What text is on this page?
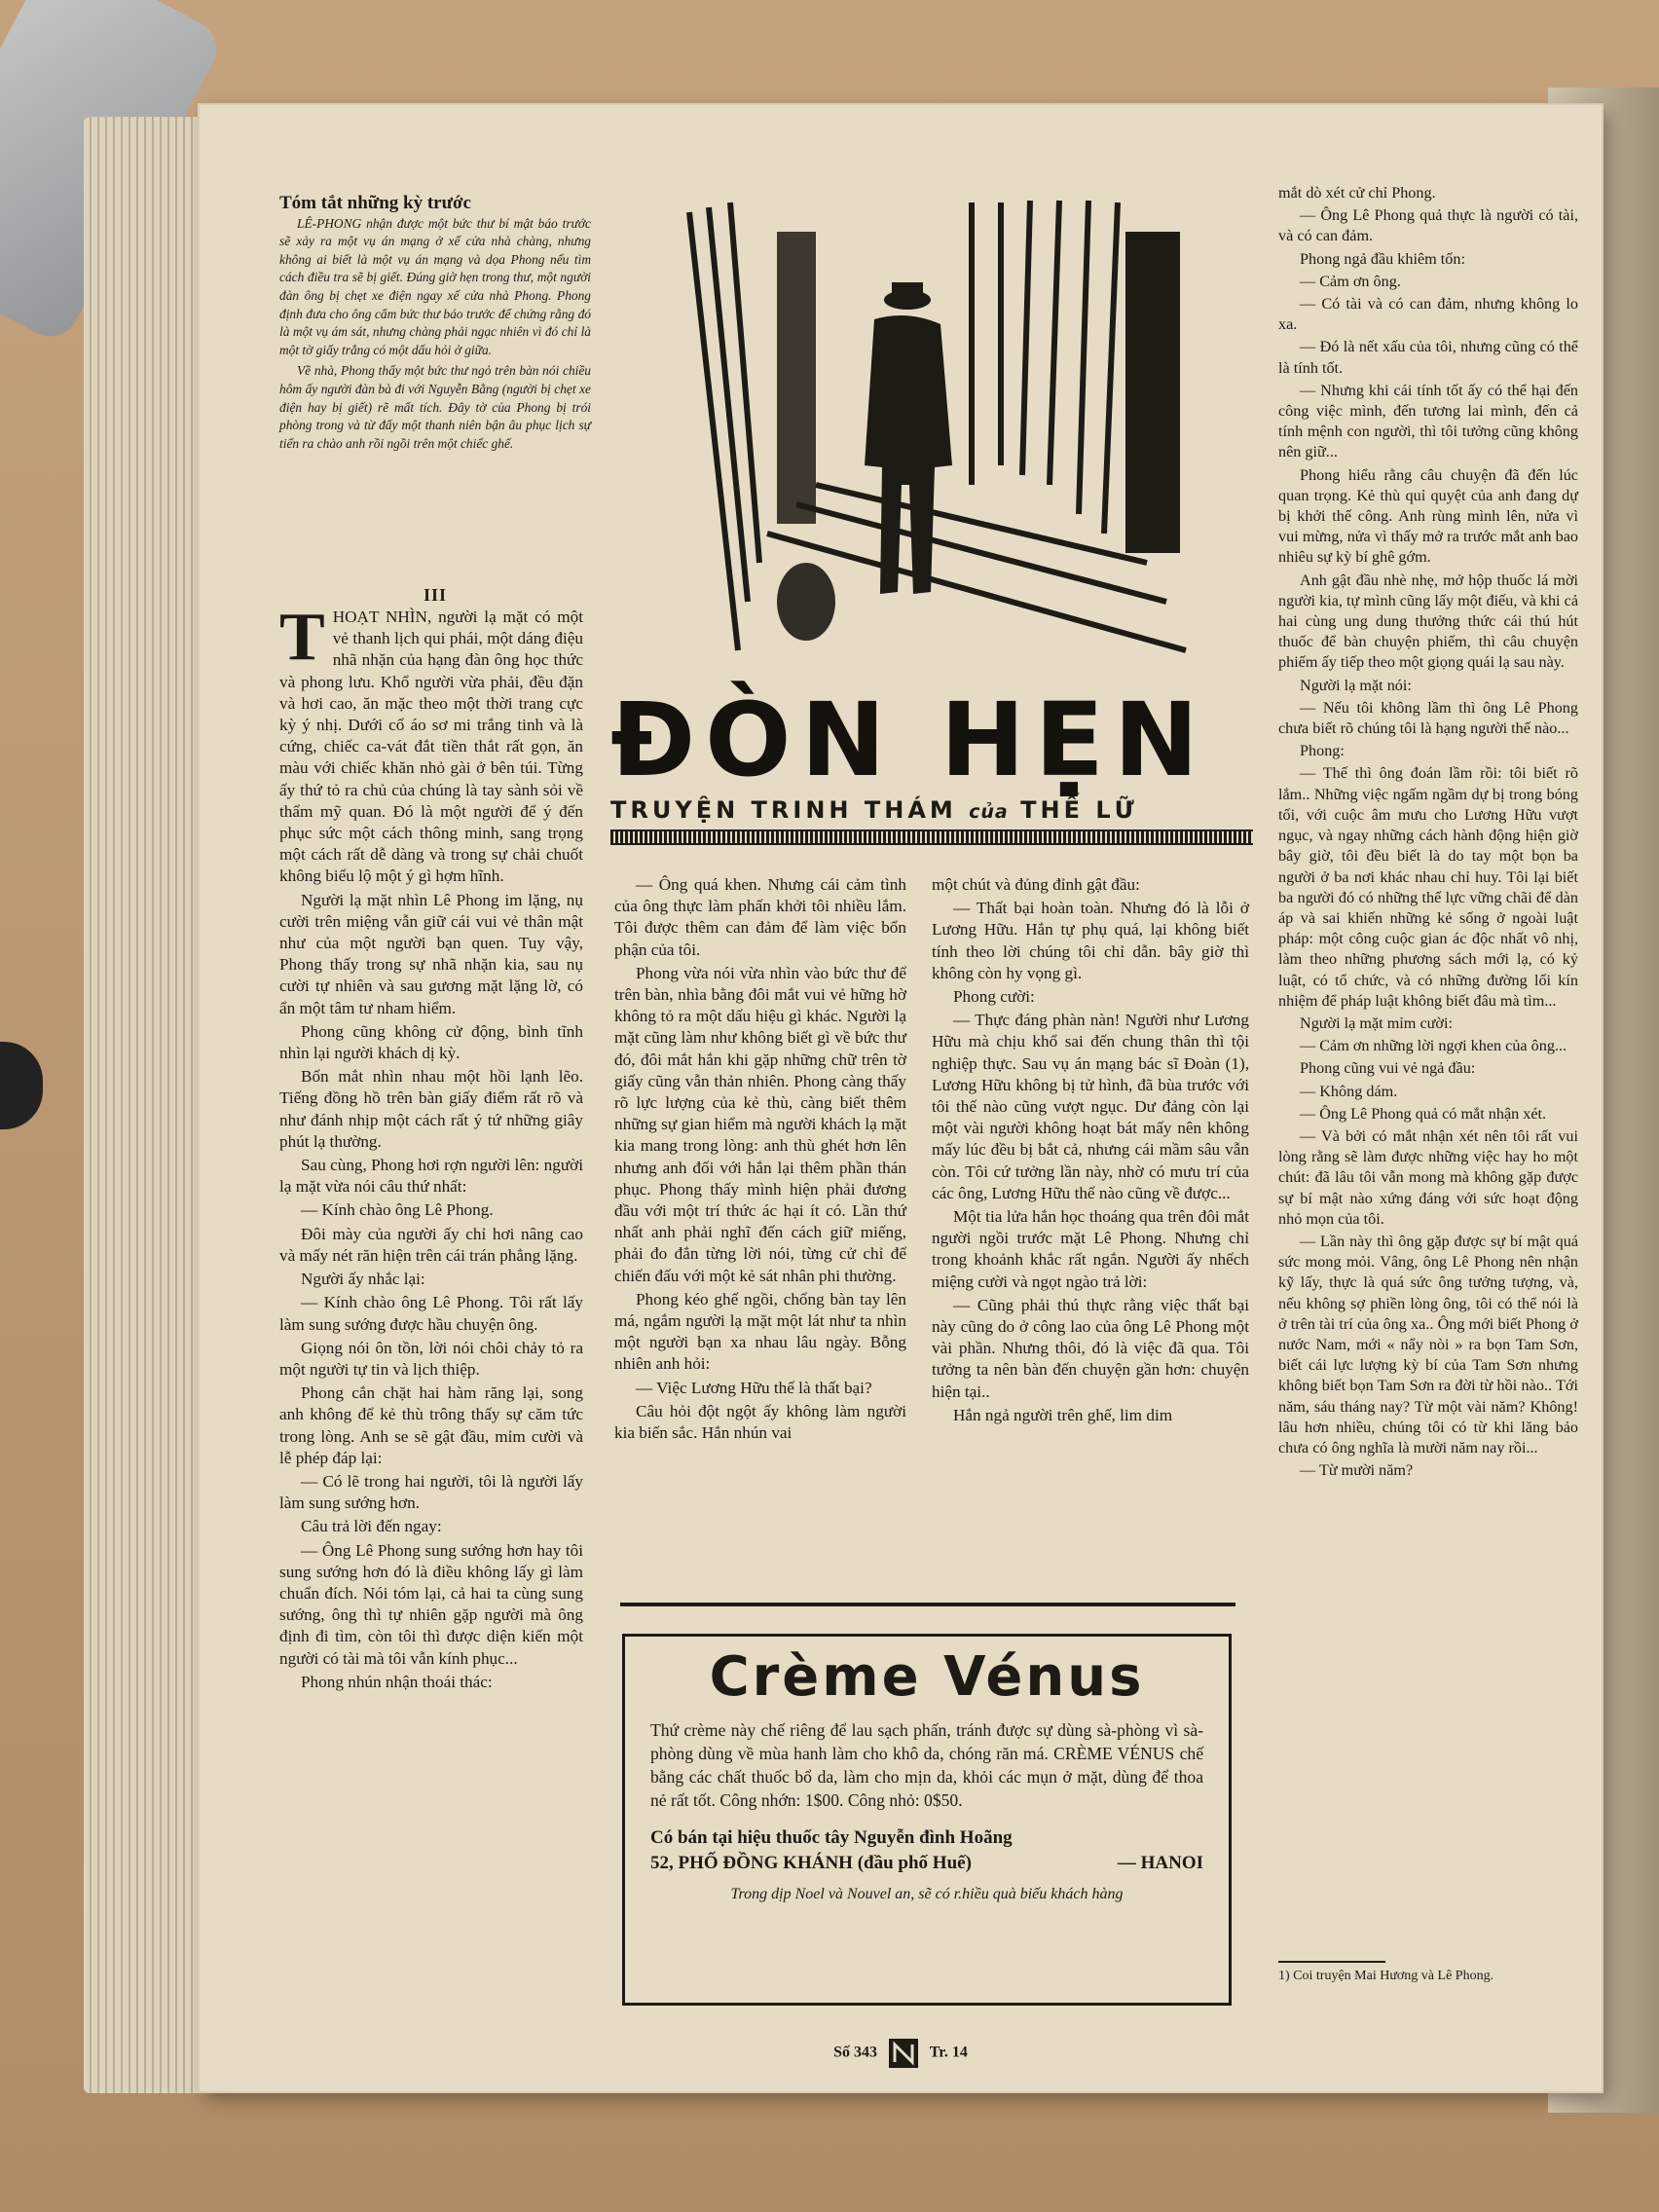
Tóm tắt những kỳ trước

LÊ-PHONG nhận được một bức thư bí mật báo trước sẽ xảy ra một vụ án mạng ở xế cửa nhà chàng, nhưng không ai biết là một vụ án mạng và dọa Phong nếu tìm cách điều tra sẽ bị giết. Đúng giờ hẹn trong thư, một người đàn ông bị chẹt xe điện ngay xế cửa nhà Phong. Phong định đưa cho ông cẩm bức thư báo trước để chứng rằng đó là một vụ ám sát, nhưng chàng phải ngạc nhiên vì đó chỉ là một tờ giấy trắng có một dấu hỏi ở giữa.

Về nhà, Phong thấy một bức thư ngỏ trên bàn nói chiều hôm ấy người đàn bà đi với Nguyễn Bằng (người bị chẹt xe điện hay bị giết) rẽ mất tích. Đây tờ của Phong bị trói phòng trong và từ đấy một thanh niên bận âu phục lịch sự tiến ra chào anh rồi ngồi trên một chiếc ghế.

III
T HOẠT NHÌN, người lạ mặt có một vẻ thanh lịch qui phái, một dáng điệu nhã nhặn của hạng đàn ông học thức và phong lưu. Khổ người vừa phải, đều đặn và hơi cao, ăn mặc theo một thời trang cực kỳ ý nhị. Dưới cổ áo sơ mi trắng tinh và là cứng, chiếc ca-vát đắt tiền thắt rất gọn, ăn màu với chiếc khăn nhỏ gài ở bên túi. Từng ấy thứ tỏ ra chủ của chúng là tay sành sỏi về thẩm mỹ quan. Đó là một người để ý đến phục sức một cách thông minh, sang trọng một cách rất dễ dàng và trong sự chải chuốt không biểu lộ một ý gì hợm hĩnh.

Người lạ mặt nhìn Lê Phong im lặng, nụ cười trên miệng vẫn giữ cái vui vẻ thân mật như của một người bạn quen. Tuy vậy, Phong thấy trong sự nhã nhặn kia, sau nụ cười tự nhiên và sau gương mặt lặng lờ, có ẩn một tâm tư nham hiểm.

Phong cũng không cử động, bình tĩnh nhìn lại người khách dị kỳ.

Bốn mắt nhìn nhau một hồi lạnh lẽo. Tiếng đồng hồ trên bàn giấy điểm rất rõ và như đánh nhịp một cách rất ý tứ những giây phút lạ thường.

Sau cùng, Phong hơi rợn người lên: người lạ mặt vừa nói câu thứ nhất:

— Kính chào ông Lê Phong.

Đôi mày của người ấy chỉ hơi nâng cao và mấy nét răn hiện trên cái trán phẳng lặng.

Người ấy nhắc lại:

— Kính chào ông Lê Phong. Tôi rất lấy làm sung sướng được hầu chuyện ông.

Giọng nói ôn tồn, lời nói chôi chảy tỏ ra một người tự tin và lịch thiệp.

Phong cắn chặt hai hàm răng lại, song anh không để kẻ thù trông thấy sự căm tức trong lòng. Anh se sẽ gật đầu, mỉm cười và lễ phép đáp lại:

— Có lẽ trong hai người, tôi là người lấy làm sung sướng hơn.

Câu trả lời đến ngay:

— Ông Lê Phong sung sướng hơn hay tôi sung sướng hơn đó là điều không lấy gì làm chuẩn đích. Nói tóm lại, cả hai ta cùng sung sướng, ông thì tự nhiên gặp người mà ông định đi tìm, còn tôi thì được diện kiến một người có tài mà tôi vẫn kính phục...

Phong nhún nhận thoái thác:

ĐÒN HẸN
TRUYỆN TRINH THÁM của THẾ LỮ

— Ông quá khen. Nhưng cái cảm tình của ông thực làm phấn khởi tôi nhiều lắm. Tôi được thêm can đảm để làm việc bổn phận của tôi.

Phong vừa nói vừa nhìn vào bức thư để trên bàn, nhìa bằng đôi mắt vui vẻ hững hờ không tỏ ra một dấu hiệu gì khác. Người lạ mặt cũng làm như không biết gì về bức thư đó, đôi mắt hắn khi gặp những chữ trên tờ giấy cũng vẫn thản nhiên. Phong càng thấy rõ lực lượng của kẻ thù, càng biết thêm những sự gian hiểm mà người khách lạ mặt kia mang trong lòng: anh thù ghét hơn lên nhưng anh đối với hắn lại thêm phần thán phục. Phong thấy mình hiện phải đương đầu với một trí thức ác hại ít có. Lần thứ nhất anh phải nghĩ đến cách giữ miếng, phải đo đắn từng lời nói, từng cử chỉ để chiến đấu với một kẻ sát nhân phi thường.

Phong kéo ghế ngồi, chống bàn tay lên má, ngắm người lạ mặt một lát như ta nhìn một người bạn xa nhau lâu ngày. Bỗng nhiên anh hỏi:

— Việc Lương Hữu thế là thất bại?

Câu hỏi đột ngột ấy không làm người kia biến sắc. Hắn nhún vai

một chút và đủng đỉnh gật đầu:

— Thất bại hoàn toàn. Nhưng đó là lỗi ở Lương Hữu. Hắn tự phụ quá, lại không biết tính theo lời chúng tôi chỉ dẫn. bây giờ thì không còn hy vọng gì.

Phong cười:

— Thực đáng phàn nàn! Người như Lương Hữu mà chịu khổ sai đến chung thân thì tội nghiệp thực. Sau vụ án mạng bác sĩ Đoàn (1), Lương Hữu không bị tử hình, đã bùa trước với tôi thế nào cũng vượt ngục. Dư đảng còn lại một vài người không hoạt bát mấy nên không mấy lúc đều bị bắt cả, nhưng cái mầm sâu vẫn còn. Tôi cứ tưởng lần này, nhờ có mưu trí của các ông, Lương Hữu thế nào cũng về được...

Một tia lửa hắn học thoáng qua trên đôi mắt người ngồi trước mặt Lê Phong. Nhưng chỉ trong khoảnh khắc rất ngắn. Người ấy nhếch miệng cười và ngọt ngào trả lời:

— Cũng phải thú thực rằng việc thất bại này cũng do ở công lao của ông Lê Phong một vài phần. Nhưng thôi, đó là việc đã qua. Tôi tưởng ta nên bàn đến chuyện gần hơn: chuyện hiện tại..

Hắn ngả người trên ghế, lim dim

mắt dò xét cử chỉ Phong.

— Ông Lê Phong quả thực là người có tài, và có can đảm.

Phong ngả đầu khiêm tốn:

— Cảm ơn ông.

— Có tài và có can đảm, nhưng không lo xa.

— Đó là nết xấu của tôi, nhưng cũng có thể là tính tốt.

— Nhưng khi cái tính tốt ấy có thể hại đến công việc mình, đến tương lai mình, đến cả tính mệnh con người, thì tôi tưởng cũng không nên giữ...

Phong hiểu rằng câu chuyện đã đến lúc quan trọng. Kẻ thù quỉ quyệt của anh đang dự bị khởi thế công. Anh rùng mình lên, nửa vì vui mừng, nửa vì thấy mở ra trước mắt anh bao nhiêu sự kỳ bí ghê gớm.

Anh gật đầu nhè nhẹ, mở hộp thuốc lá mời người kia, tự mình cũng lấy một điếu, và khi cả hai cùng ung dung thưởng thức cái thú hút thuốc để bàn chuyện phiếm, thì câu chuyện phiếm ấy tiếp theo một giọng quái lạ sau này.

Người lạ mặt nói:

— Nếu tôi không lầm thì ông Lê Phong chưa biết rõ chúng tôi là hạng người thế nào...

Phong:

— Thế thì ông đoán lầm rồi: tôi biết rõ lắm.. Những việc ngấm ngầm dự bị trong bóng tối, với cuộc âm mưu cho Lương Hữu vượt ngục, và ngay những cách hành động hiện giờ bây giờ, tôi đều biết là do tay một bọn ba người ở ba nơi khác nhau chỉ huy. Tôi lại biết ba người đó có những thế lực vững chãi để dàn áp và sai khiến những kẻ sống ở ngoài luật pháp: một công cuộc gian ác độc nhất vô nhị, làm theo những phương sách mới lạ, có kỷ luật, có tổ chức, và có những đường lối kín nhiệm để pháp luật không biết đâu mà tìm...

Người lạ mặt mỉm cười:

— Cảm ơn những lời ngợi khen của ông...

Phong cũng vui vẻ ngả đầu:

— Không dám.

— Ông Lê Phong quả có mắt nhận xét.

— Và bởi có mắt nhận xét nên tôi rất vui lòng rằng sẽ làm được những việc hay ho một chút: đã lâu tôi vẫn mong mà không gặp được sự bí mật nào xứng đáng với sức hoạt động nhỏ mọn của tôi.

— Lần này thì ông gặp được sự bí mật quá sức mong mỏi. Vâng, ông Lê Phong nên nhận kỹ lấy, thực là quá sức ông tưởng tượng, và, nếu không sợ phiền lòng ông, tôi có thể nói là ở trên tài trí của ông xa.. Ông mới biết Phong ở nước Nam, mới « nẩy nòi » ra bọn Tam Sơn, biết cái lực lượng kỳ bí của Tam Sơn nhưng không biết bọn Tam Sơn ra đời từ hồi nào.. Tới năm, sáu tháng nay? Từ một vài năm? Không! lâu hơn nhiều, chúng tôi có từ khi lăng bảo chưa có ông nghĩa là mười năm nay rồi...

— Từ mười năm?

Crème Vénus
Thứ crème này chế riêng để lau sạch phấn, tránh được sự dùng sà-phòng vì sà-phòng dùng về mùa hanh làm cho khô da, chóng răn má. CRÈME VÉNUS chế bằng các chất thuốc bổ da, làm cho mịn da, khỏi các mụn ở mặt, dùng để thoa nẻ rất tốt. Công nhớn: 1$00. Công nhỏ: 0$50.
Có bán tại hiệu thuốc tây Nguyễn đình Hoãng
52, PHỐ ĐỒNG KHÁNH (đầu phố Huế)	— HANOI
Trong dịp Noel và Nouvel an, sẽ có r.hiều quà biếu khách hàng
1) Coi truyện Mai Hương và Lê Phong.
Số 343	Tr. 14
